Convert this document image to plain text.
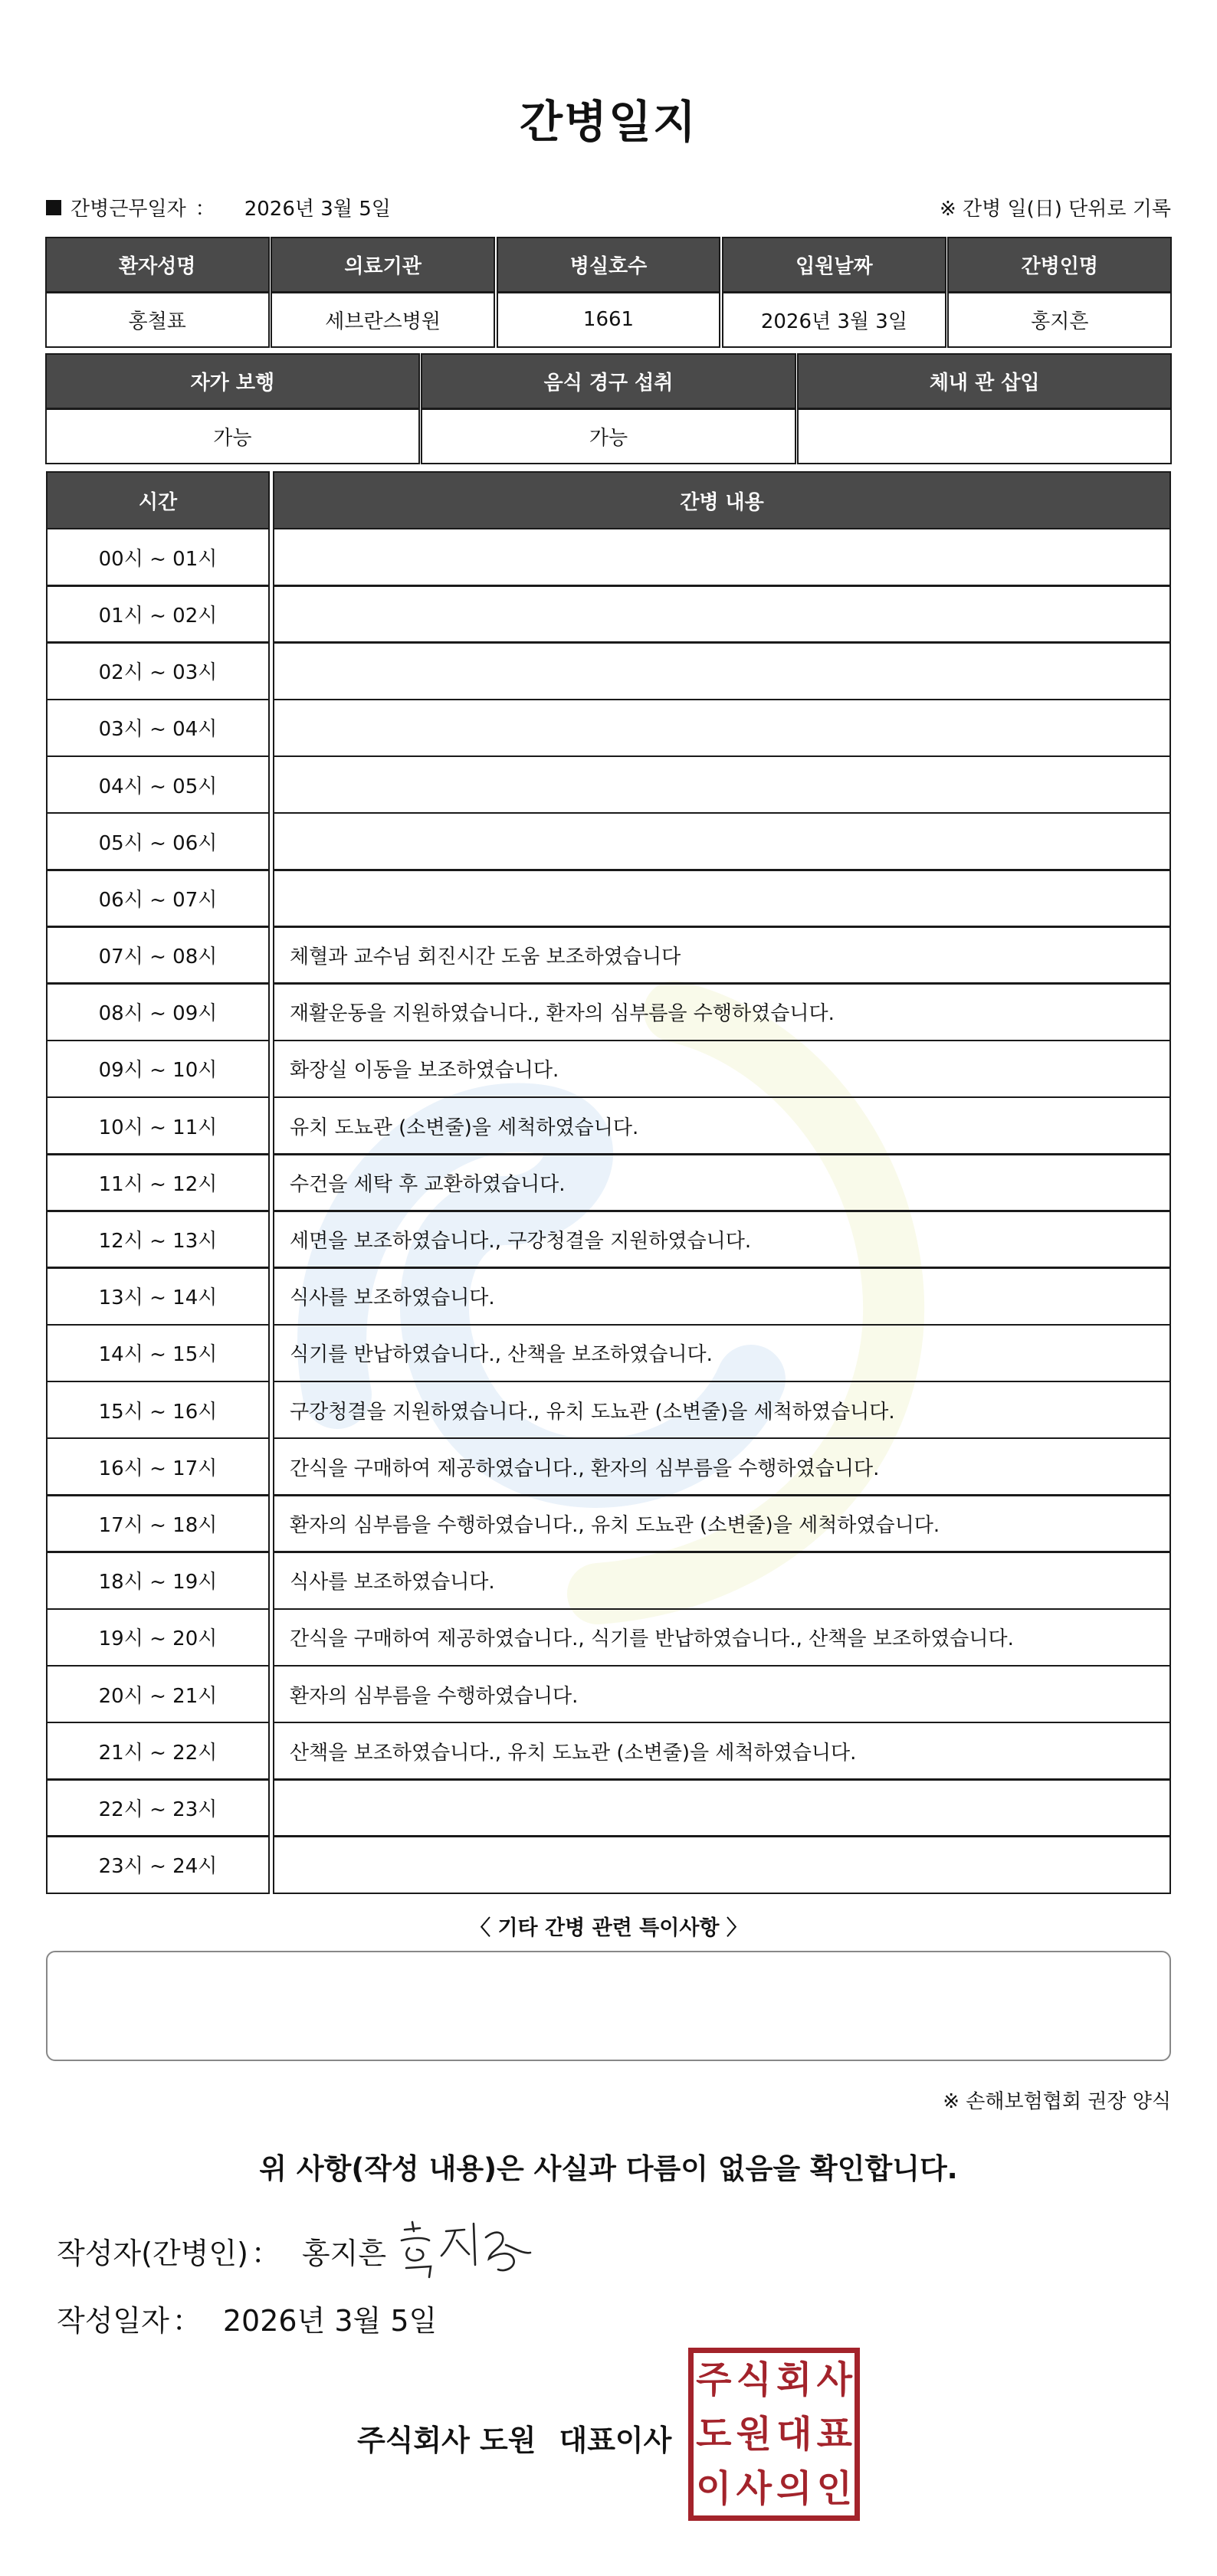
간병일지
간병근무일자 ： 2026년 3월 5일	※ 간병 일(日) 단위로 기록
환자성명	의료기관	병실호수	입원날짜	간병인명
홍철표	세브란스병원	1661	2026년 3월 3일	홍지흔
자가 보행	음식 경구 섭취	체내 관 삽입
가능	가능
시간	간병 내용
00시 ~ 01시
01시 ~ 02시
02시 ~ 03시
03시 ~ 04시
04시 ~ 05시
05시 ~ 06시
06시 ~ 07시
07시 ~ 08시	체혈과 교수님 회진시간 도움 보조하였습니다
08시 ~ 09시	재활운동을 지원하였습니다., 환자의 심부름을 수행하였습니다.
09시 ~ 10시	화장실 이동을 보조하였습니다.
10시 ~ 11시	유치 도뇨관 (소변줄)을 세척하였습니다.
11시 ~ 12시	수건을 세탁 후 교환하였습니다.
12시 ~ 13시	세면을 보조하였습니다., 구강청결을 지원하였습니다.
13시 ~ 14시	식사를 보조하였습니다.
14시 ~ 15시	식기를 반납하였습니다., 산책을 보조하였습니다.
15시 ~ 16시	구강청결을 지원하였습니다., 유치 도뇨관 (소변줄)을 세척하였습니다.
16시 ~ 17시	간식을 구매하여 제공하였습니다., 환자의 심부름을 수행하였습니다.
17시 ~ 18시	환자의 심부름을 수행하였습니다., 유치 도뇨관 (소변줄)을 세척하였습니다.
18시 ~ 19시	식사를 보조하였습니다.
19시 ~ 20시	간식을 구매하여 제공하였습니다., 식기를 반납하였습니다., 산책을 보조하였습니다.
20시 ~ 21시	환자의 심부름을 수행하였습니다.
21시 ~ 22시	산책을 보조하였습니다., 유치 도뇨관 (소변줄)을 세척하였습니다.
22시 ~ 23시
23시 ~ 24시
〈 기타 간병 관련 특이사항 〉
※ 손해보험협회 권장 양식
위 사항(작성 내용)은 사실과 다름이 없음을 확인합니다.
작성자(간병인) ： 홍지흔
작성일자 ： 2026년 3월 5일
주식회사 도원 대표이사
주 식 회 사
도 원 대 표
이 사 의 인
